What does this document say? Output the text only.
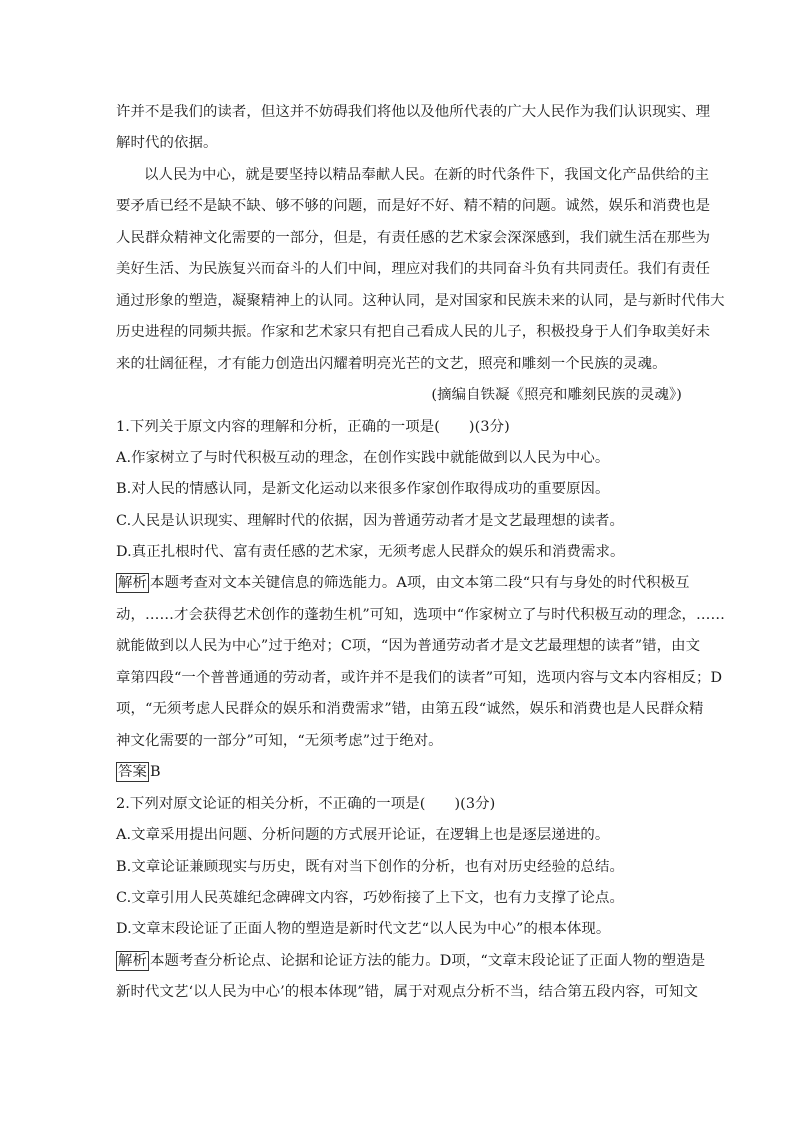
许并不是我们的读者，但这并不妨碍我们将他以及他所代表的广大人民作为我们认识现实、理
解时代的依据。
以人民为中心，就是要坚持以精品奉献人民。在新的时代条件下，我国文化产品供给的主
要矛盾已经不是缺不缺、够不够的问题，而是好不好、精不精的问题。诚然，娱乐和消费也是
人民群众精神文化需要的一部分，但是，有责任感的艺术家会深深感到，我们就生活在那些为
美好生活、为民族复兴而奋斗的人们中间，理应对我们的共同奋斗负有共同责任。我们有责任
通过形象的塑造，凝聚精神上的认同。这种认同，是对国家和民族未来的认同，是与新时代伟大
历史进程的同频共振。作家和艺术家只有把自己看成人民的儿子，积极投身于人们争取美好未
来的壮阔征程，才有能力创造出闪耀着明亮光芒的文艺，照亮和雕刻一个民族的灵魂。
(摘编自铁凝《照亮和雕刻民族的灵魂》)
1.下列关于原文内容的理解和分析，正确的一项是(　　)(3分)
A.作家树立了与时代积极互动的理念，在创作实践中就能做到以人民为中心。
B.对人民的情感认同，是新文化运动以来很多作家创作取得成功的重要原因。
C.人民是认识现实、理解时代的依据，因为普通劳动者才是文艺最理想的读者。
D.真正扎根时代、富有责任感的艺术家，无须考虑人民群众的娱乐和消费需求。
解析 本题考查对文本关键信息的筛选能力。A项，由文本第二段“只有与身处的时代积极互
动，……才会获得艺术创作的蓬勃生机”可知，选项中“作家树立了与时代积极互动的理念，……
就能做到以人民为中心”过于绝对；C项，“因为普通劳动者才是文艺最理想的读者”错，由文
章第四段“一个普普通通的劳动者，或许并不是我们的读者”可知，选项内容与文本内容相反；D
项，“无须考虑人民群众的娱乐和消费需求”错，由第五段“诚然，娱乐和消费也是人民群众精
神文化需要的一部分”可知，“无须考虑”过于绝对。
答案 B
2.下列对原文论证的相关分析，不正确的一项是(　　)(3分)
A.文章采用提出问题、分析问题的方式展开论证，在逻辑上也是逐层递进的。
B.文章论证兼顾现实与历史，既有对当下创作的分析，也有对历史经验的总结。
C.文章引用人民英雄纪念碑碑文内容，巧妙衔接了上下文，也有力支撑了论点。
D.文章末段论证了正面人物的塑造是新时代文艺“以人民为中心”的根本体现。
解析 本题考查分析论点、论据和论证方法的能力。D项，“文章末段论证了正面人物的塑造是
新时代文艺‘以人民为中心’的根本体现”错，属于对观点分析不当，结合第五段内容，可知文
